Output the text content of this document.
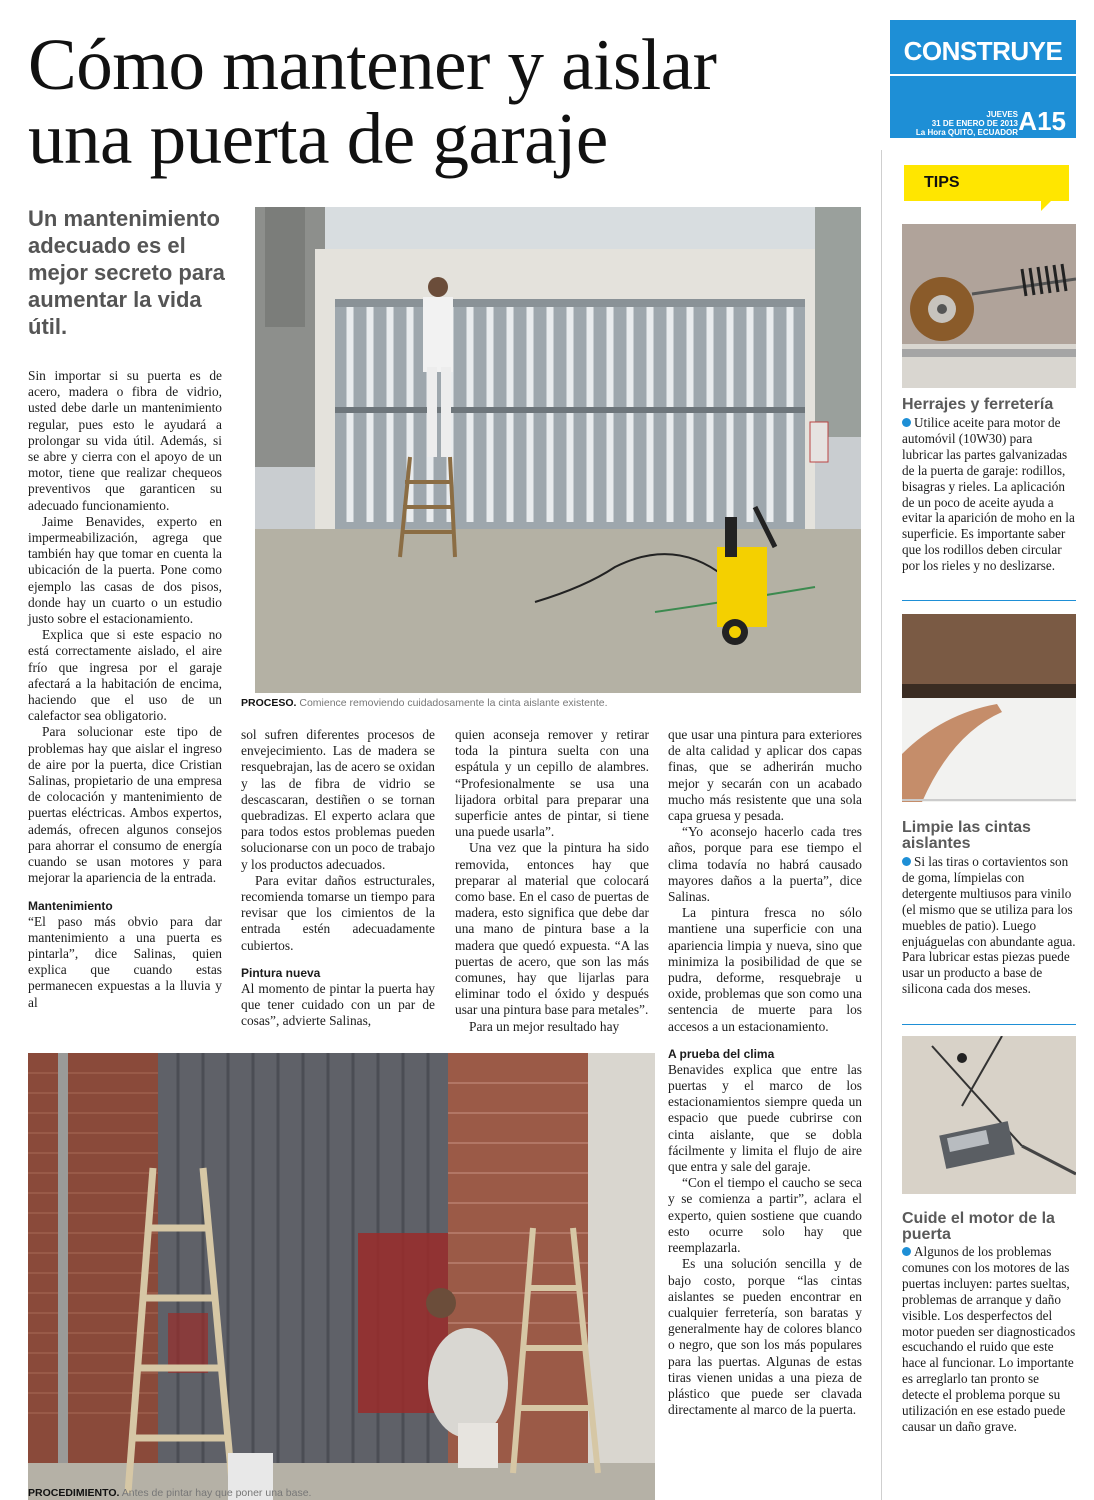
Cómo mantener y aislar
una puerta de garaje
Un mantenimiento adecuado es el mejor secreto para aumentar la vida útil.
CONSTRUYE
JUEVES
31 DE ENERO DE 2013
La Hora QUITO, ECUADOR A15
PROCESO. Comience removiendo cuidadosamente la cinta aislante existente.

Sin importar si su puerta es de acero, madera o fibra de vidrio, usted debe darle un mantenimiento regular, pues esto le ayudará a prolongar su vida útil. Además, si se abre y cierra con el apoyo de un motor, tiene que realizar chequeos preventivos que garanticen su adecuado funcionamiento.

Jaime Benavides, experto en impermeabilización, agrega que también hay que tomar en cuenta la ubicación de la puerta. Pone como ejemplo las casas de dos pisos, donde hay un cuarto o un estudio justo sobre el estacionamiento.

Explica que si este espacio no está correctamente aislado, el aire frío que ingresa por el garaje afectará a la habitación de encima, haciendo que el uso de un calefactor sea obligatorio.

Para solucionar este tipo de problemas hay que aislar el ingreso de aire por la puerta, dice Cristian Salinas, propietario de una empresa de colocación y mantenimiento de puertas eléctricas. Ambos expertos, además, ofrecen algunos consejos para ahorrar el consumo de energía cuando se usan motores y para mejorar la apariencia de la entrada.

Mantenimiento

“El paso más obvio para dar mantenimiento a una puerta es pintarla”, dice Salinas, quien explica que cuando estas permanecen expuestas a la lluvia y al

sol sufren diferentes procesos de envejecimiento. Las de madera se resquebrajan, las de acero se oxidan y las de fibra de vidrio se descascaran, destiñen o se tornan quebradizas. El experto aclara que para todos estos problemas pueden solucionarse con un poco de trabajo y los productos adecuados.

Para evitar daños estructurales, recomienda tomarse un tiempo para revisar que los cimientos de la entrada estén adecuadamente cubiertos.

Pintura nueva

Al momento de pintar la puerta hay que tener cuidado con un par de cosas”, advierte Salinas,

quien aconseja remover y retirar toda la pintura suelta con una espátula y un cepillo de alambres. “Profesionalmente se usa una lijadora orbital para preparar una superficie antes de pintar, si tiene una puede usarla”.

Una vez que la pintura ha sido removida, entonces hay que preparar al material que colocará como base. En el caso de puertas de madera, esto significa que debe dar una mano de pintura base a la madera que quedó expuesta. “A las puertas de acero, que son las más comunes, hay que lijarlas para eliminar todo el óxido y después usar una pintura base para metales”.

Para un mejor resultado hay

que usar una pintura para exteriores de alta calidad y aplicar dos capas finas, que se adherirán mucho mejor y secarán con un acabado mucho más resistente que una sola capa gruesa y pesada.

“Yo aconsejo hacerlo cada tres años, porque para ese tiempo el clima todavía no habrá causado mayores daños a la puerta”, dice Salinas.

La pintura fresca no sólo mantiene una superficie con una apariencia limpia y nueva, sino que minimiza la posibilidad de que se pudra, deforme, resquebraje u oxide, problemas que son como una sentencia de muerte para los accesos a un estacionamiento.

A prueba del clima

Benavides explica que entre las puertas y el marco de los estacionamientos siempre queda un espacio que puede cubrirse con cinta aislante, que se dobla fácilmente y limita el flujo de aire que entra y sale del garaje.

“Con el tiempo el caucho se seca y se comienza a partir”, aclara el experto, quien sostiene que cuando esto ocurre solo hay que reemplazarla.

Es una solución sencilla y de bajo costo, porque “las cintas aislantes se pueden encontrar en cualquier ferretería, son baratas y generalmente hay de colores blanco o negro, que son los más populares para las puertas. Algunas de estas tiras vienen unidas a una pieza de plástico que puede ser clavada directamente al marco de la puerta.

PROCEDIMIENTO. Antes de pintar hay que poner una base.
TIPS
Herrajes y ferretería
Utilice aceite para motor de automóvil (10W30) para lubricar las partes galvanizadas de la puerta de garaje: rodillos, bisagras y rieles. La aplicación de un poco de aceite ayuda a evitar la aparición de moho en la superficie. Es importante saber que los rodillos deben circular por los rieles y no deslizarse.
Limpie las cintas aislantes
Si las tiras o cortavientos son de goma, límpielas con detergente multiusos para vinilo (el mismo que se utiliza para los muebles de patio). Luego enjuáguelas con abundante agua. Para lubricar estas piezas puede usar un producto a base de silicona cada dos meses.
Cuide el motor de la puerta
Algunos de los problemas comunes con los motores de las puertas incluyen: partes sueltas, problemas de arranque y daño visible. Los desperfectos del motor pueden ser diagnosticados escuchando el ruido que este hace al funcionar. Lo importante es arreglarlo tan pronto se detecte el problema porque su utilización en ese estado puede causar un daño grave.
